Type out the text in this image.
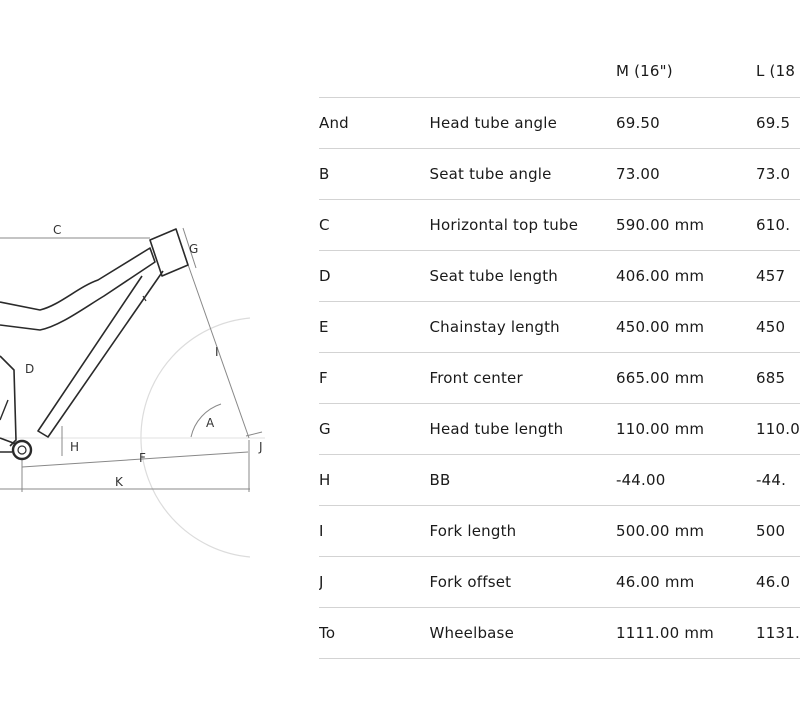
A
C
D
F
G
H
I
J
K
		M (16")	L (18
And	Head tube angle	69.50	69.5
B	Seat tube angle	73.00	73.0
C	Horizontal top tube	590.00 mm	610.
D	Seat tube length	406.00 mm	457
E	Chainstay length	450.00 mm	450
F	Front center	665.00 mm	685
G	Head tube length	110.00 mm	110.0
H	BB	-44.00	-44.
I	Fork length	500.00 mm	500
J	Fork offset	46.00 mm	46.0
To	Wheelbase	1111.00 mm	1131.
